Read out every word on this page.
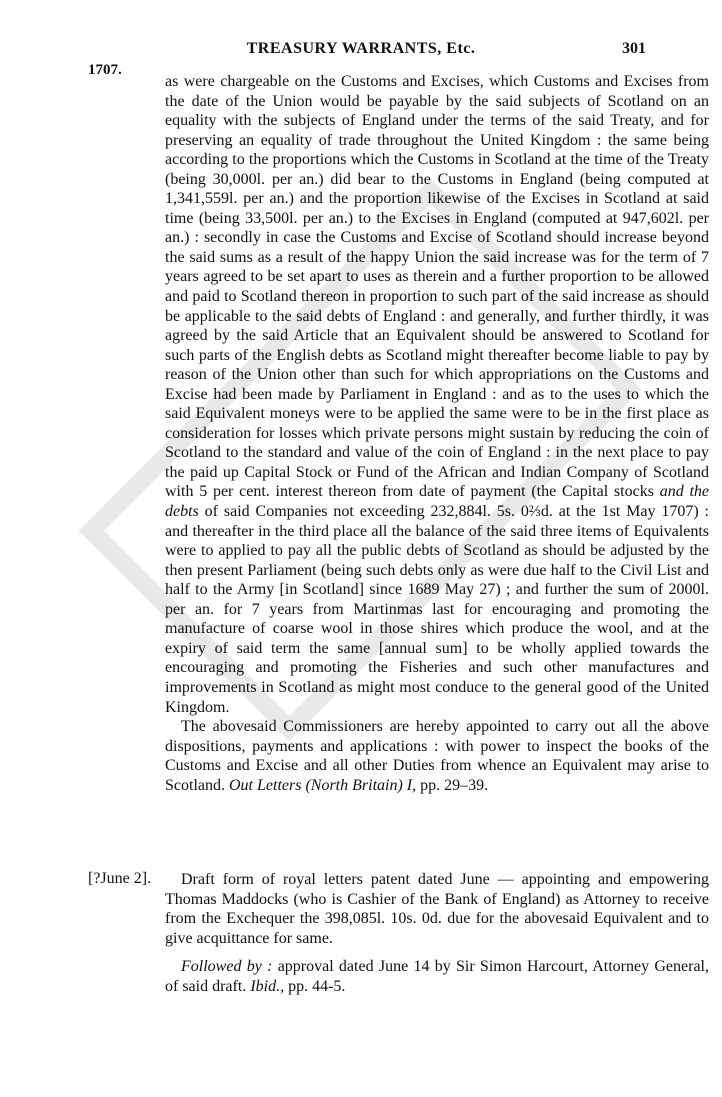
TREASURY WARRANTS, Etc.	301
1707.

as were chargeable on the Customs and Excises, which Customs and Excises from the date of the Union would be payable by the said subjects of Scotland on an equality with the subjects of England under the terms of the said Treaty, and for preserving an equality of trade throughout the United Kingdom : the same being according to the proportions which the Customs in Scotland at the time of the Treaty (being 30,000l. per an.) did bear to the Customs in England (being computed at 1,341,559l. per an.) and the proportion likewise of the Excises in Scotland at said time (being 33,500l. per an.) to the Excises in England (computed at 947,602l. per an.) : secondly in case the Customs and Excise of Scotland should increase beyond the said sums as a result of the happy Union the said increase was for the term of 7 years agreed to be set apart to uses as therein and a further proportion to be allowed and paid to Scotland thereon in proportion to such part of the said increase as should be applicable to the said debts of England : and generally, and further thirdly, it was agreed by the said Article that an Equivalent should be answered to Scotland for such parts of the English debts as Scotland might thereafter become liable to pay by reason of the Union other than such for which appropriations on the Customs and Excise had been made by Parliament in England : and as to the uses to which the said Equivalent moneys were to be applied the same were to be in the first place as consideration for losses which private persons might sustain by reducing the coin of Scotland to the standard and value of the coin of England : in the next place to pay the paid up Capital Stock or Fund of the African and Indian Company of Scotland with 5 per cent. interest thereon from date of payment (the Capital stocks and the debts of said Companies not exceeding 232,884l. 5s. 0⅔d. at the 1st May 1707) : and thereafter in the third place all the balance of the said three items of Equivalents were to applied to pay all the public debts of Scotland as should be adjusted by the then present Parliament (being such debts only as were due half to the Civil List and half to the Army [in Scotland] since 1689 May 27) ; and further the sum of 2000l. per an. for 7 years from Martinmas last for encouraging and promoting the manufacture of coarse wool in those shires which produce the wool, and at the expiry of said term the same [annual sum] to be wholly applied towards the encouraging and promoting the Fisheries and such other manufactures and improvements in Scotland as might most conduce to the general good of the United Kingdom.

The abovesaid Commissioners are hereby appointed to carry out all the above dispositions, payments and applications : with power to inspect the books of the Customs and Excise and all other Duties from whence an Equivalent may arise to Scotland. Out Letters (North Britain) I, pp. 29–39.

[?June 2].	Draft form of royal letters patent dated June — appointing and empowering Thomas Maddocks (who is Cashier of the Bank of England) as Attorney to receive from the Exchequer the 398,085l. 10s. 0d. due for the abovesaid Equivalent and to give acquittance for same.

Followed by : approval dated June 14 by Sir Simon Harcourt, Attorney General, of said draft. Ibid., pp. 44-5.
